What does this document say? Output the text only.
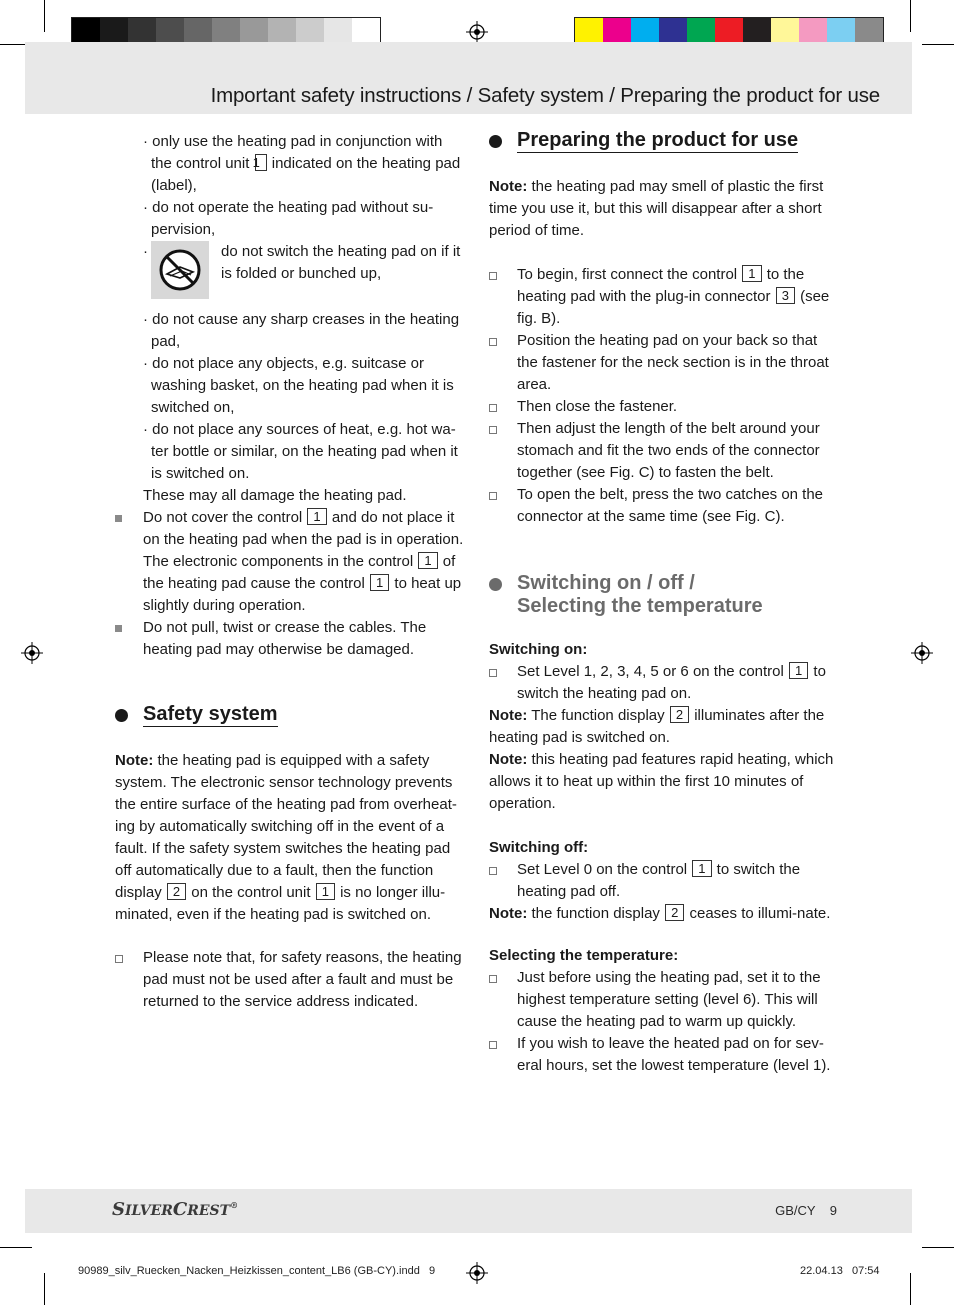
Important safety instructions / Safety system / Preparing the product for use

· only use the heating pad in conjunction with the control unit 1 indicated on the heating pad (label),

· do not operate the heating pad without su-pervision,

·	do not switch the heating pad on if it is folded or bunched up,

· do not cause any sharp creases in the heating pad,

· do not place any objects, e.g. suitcase or washing basket, on the heating pad when it is switched on,

· do not place any sources of heat, e.g. hot wa-ter bottle or similar, on the heating pad when it is switched on.

These may all damage the heating pad.

Do not cover the control 1 and do not place it on the heating pad when the pad is in operation. The electronic components in the control 1 of the heating pad cause the control 1 to heat up slightly during operation.

Do not pull, twist or crease the cables. The heating pad may otherwise be damaged.

Safety system

Note: the heating pad is equipped with a safety system. The electronic sensor technology prevents the entire surface of the heating pad from overheat-ing by automatically switching off in the event of a fault. If the safety system switches the heating pad off automatically due to a fault, then the function display 2 on the control unit 1 is no longer illu-minated, even if the heating pad is switched on.

Please note that, for safety reasons, the heating pad must not be used after a fault and must be returned to the service address indicated.

Preparing the product for use

Note: the heating pad may smell of plastic the first time you use it, but this will disappear after a short period of time.

To begin, first connect the control 1 to the heating pad with the plug-in connector 3 (see fig. B).

Position the heating pad on your back so that the fastener for the neck section is in the throat area.

Then close the fastener.

Then adjust the length of the belt around your stomach and fit the two ends of the connector together (see Fig. C) to fasten the belt.

To open the belt, press the two catches on the connector at the same time (see Fig. C).

Switching on / off /
Selecting the temperature

Switching on:

Set Level 1, 2, 3, 4, 5 or 6 on the control 1 to switch the heating pad on.

Note: The function display 2 illuminates after the heating pad is switched on.

Note: this heating pad features rapid heating, which allows it to heat up within the first 10 minutes of operation.

Switching off:

Set Level 0 on the control 1 to switch the heating pad off.

Note: the function display 2 ceases to illumi-nate.

Selecting the temperature:

Just before using the heating pad, set it to the highest temperature setting (level 6). This will cause the heating pad to warm up quickly.

If you wish to leave the heated pad on for sev-eral hours, set the lowest temperature (level 1).

SILVERCREST®	GB/CY    9
90989_silv_Ruecken_Nacken_Heizkissen_content_LB6 (GB-CY).indd   9	22.04.13   07:54
